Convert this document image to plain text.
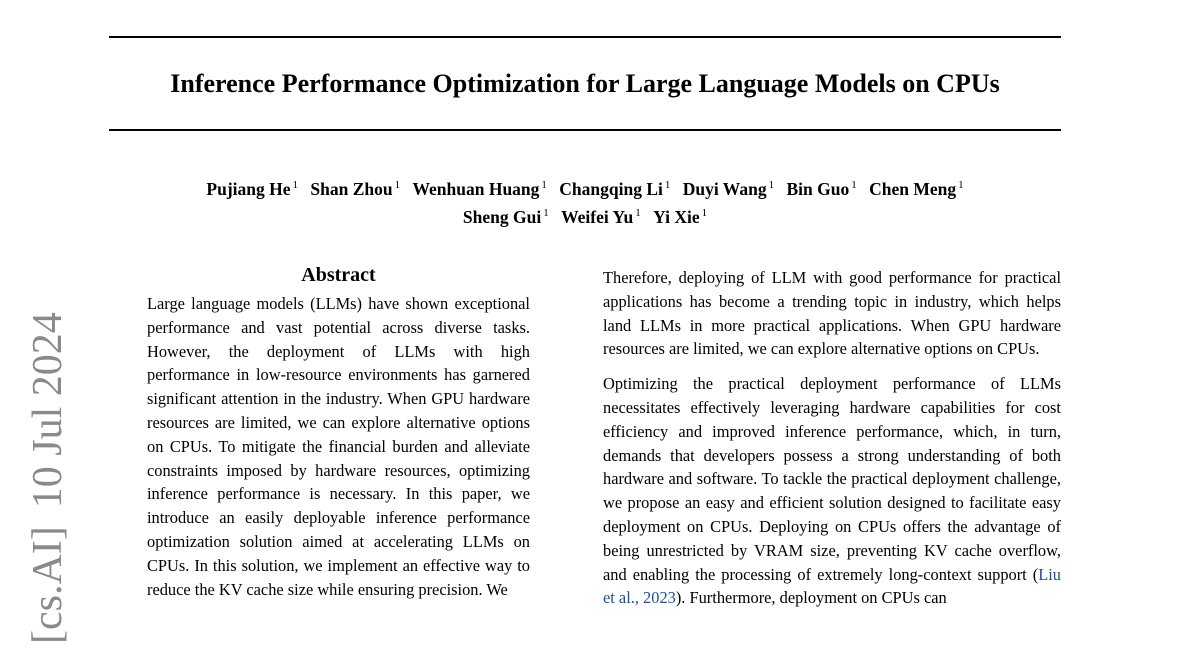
Inference Performance Optimization for Large Language Models on CPUs
Pujiang He $^1$ Shan Zhou $^1$ Wenhuan Huang $^1$ Changqing Li $^1$ Duyi Wang $^1$ Bin Guo $^1$ Chen Meng $^1$
Sheng Gui $^1$ Weifei Yu $^1$ Yi Xie $^1$
[cs.AI]10 Jul 2024
Abstract

Large language models (LLMs) have shown exceptional performance and vast potential across diverse tasks. However, the deployment of LLMs with high performance in low-resource environments has garnered significant attention in the industry. When GPU hardware resources are limited, we can explore alternative options on CPUs. To mitigate the financial burden and alleviate constraints imposed by hardware resources, optimizing inference performance is necessary. In this paper, we introduce an easily deployable inference performance optimization solution aimed at accelerating LLMs on CPUs. In this solution, we implement an effective way to reduce the KV cache size while ensuring precision. We

Therefore, deploying of LLM with good performance for practical applications has become a trending topic in industry, which helps land LLMs in more practical applications. When GPU hardware resources are limited, we can explore alternative options on CPUs.

Optimizing the practical deployment performance of LLMs necessitates effectively leveraging hardware capabilities for cost efficiency and improved inference performance, which, in turn, demands that developers possess a strong understanding of both hardware and software. To tackle the practical deployment challenge, we propose an easy and efficient solution designed to facilitate easy deployment on CPUs. Deploying on CPUs offers the advantage of being unrestricted by VRAM size, preventing KV cache overflow, and enabling the processing of extremely long-context support (Liu et al., 2023). Furthermore, deployment on CPUs can
